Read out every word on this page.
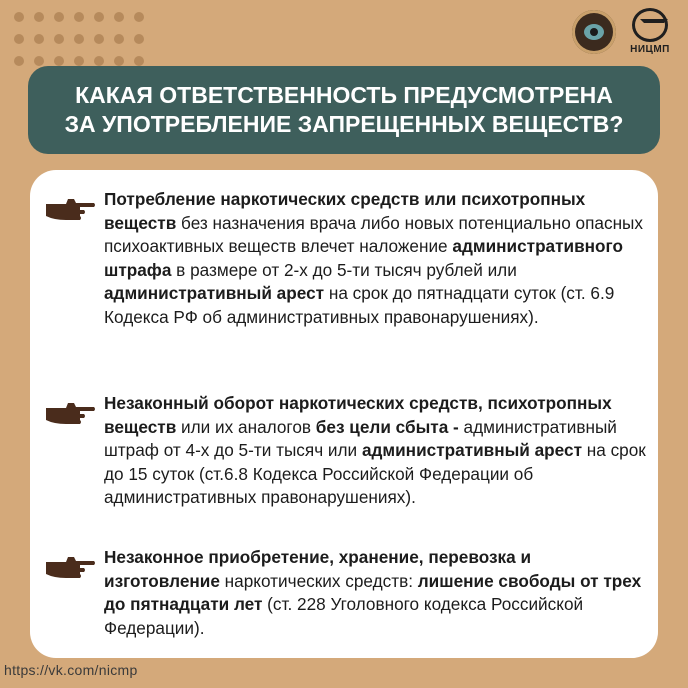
НИЦМП
КАКАЯ ОТВЕТСТВЕННОСТЬ ПРЕДУСМОТРЕНА
ЗА УПОТРЕБЛЕНИЕ ЗАПРЕЩЕННЫХ ВЕЩЕСТВ?

Потребление наркотических средств или психотропных веществ без назначения врача либо новых потенциально опасных психоактивных веществ влечет наложение административного штрафа в размере от 2-х до 5-ти тысяч рублей или административный арест на срок до пятнадцати суток (ст. 6.9 Кодекса РФ об административных правонарушениях).

Незаконный оборот наркотических средств, психотропных веществ или их аналогов без цели сбыта - административный штраф от 4-х до 5-ти тысяч или административный арест на срок до 15 суток (ст.6.8 Кодекса Российской Федерации об административных правонарушениях).

Незаконное приобретение, хранение, перевозка и изготовление наркотических средств: лишение свободы от трех до пятнадцати лет (ст. 228 Уголовного кодекса Российской Федерации).

https://vk.com/nicmp
